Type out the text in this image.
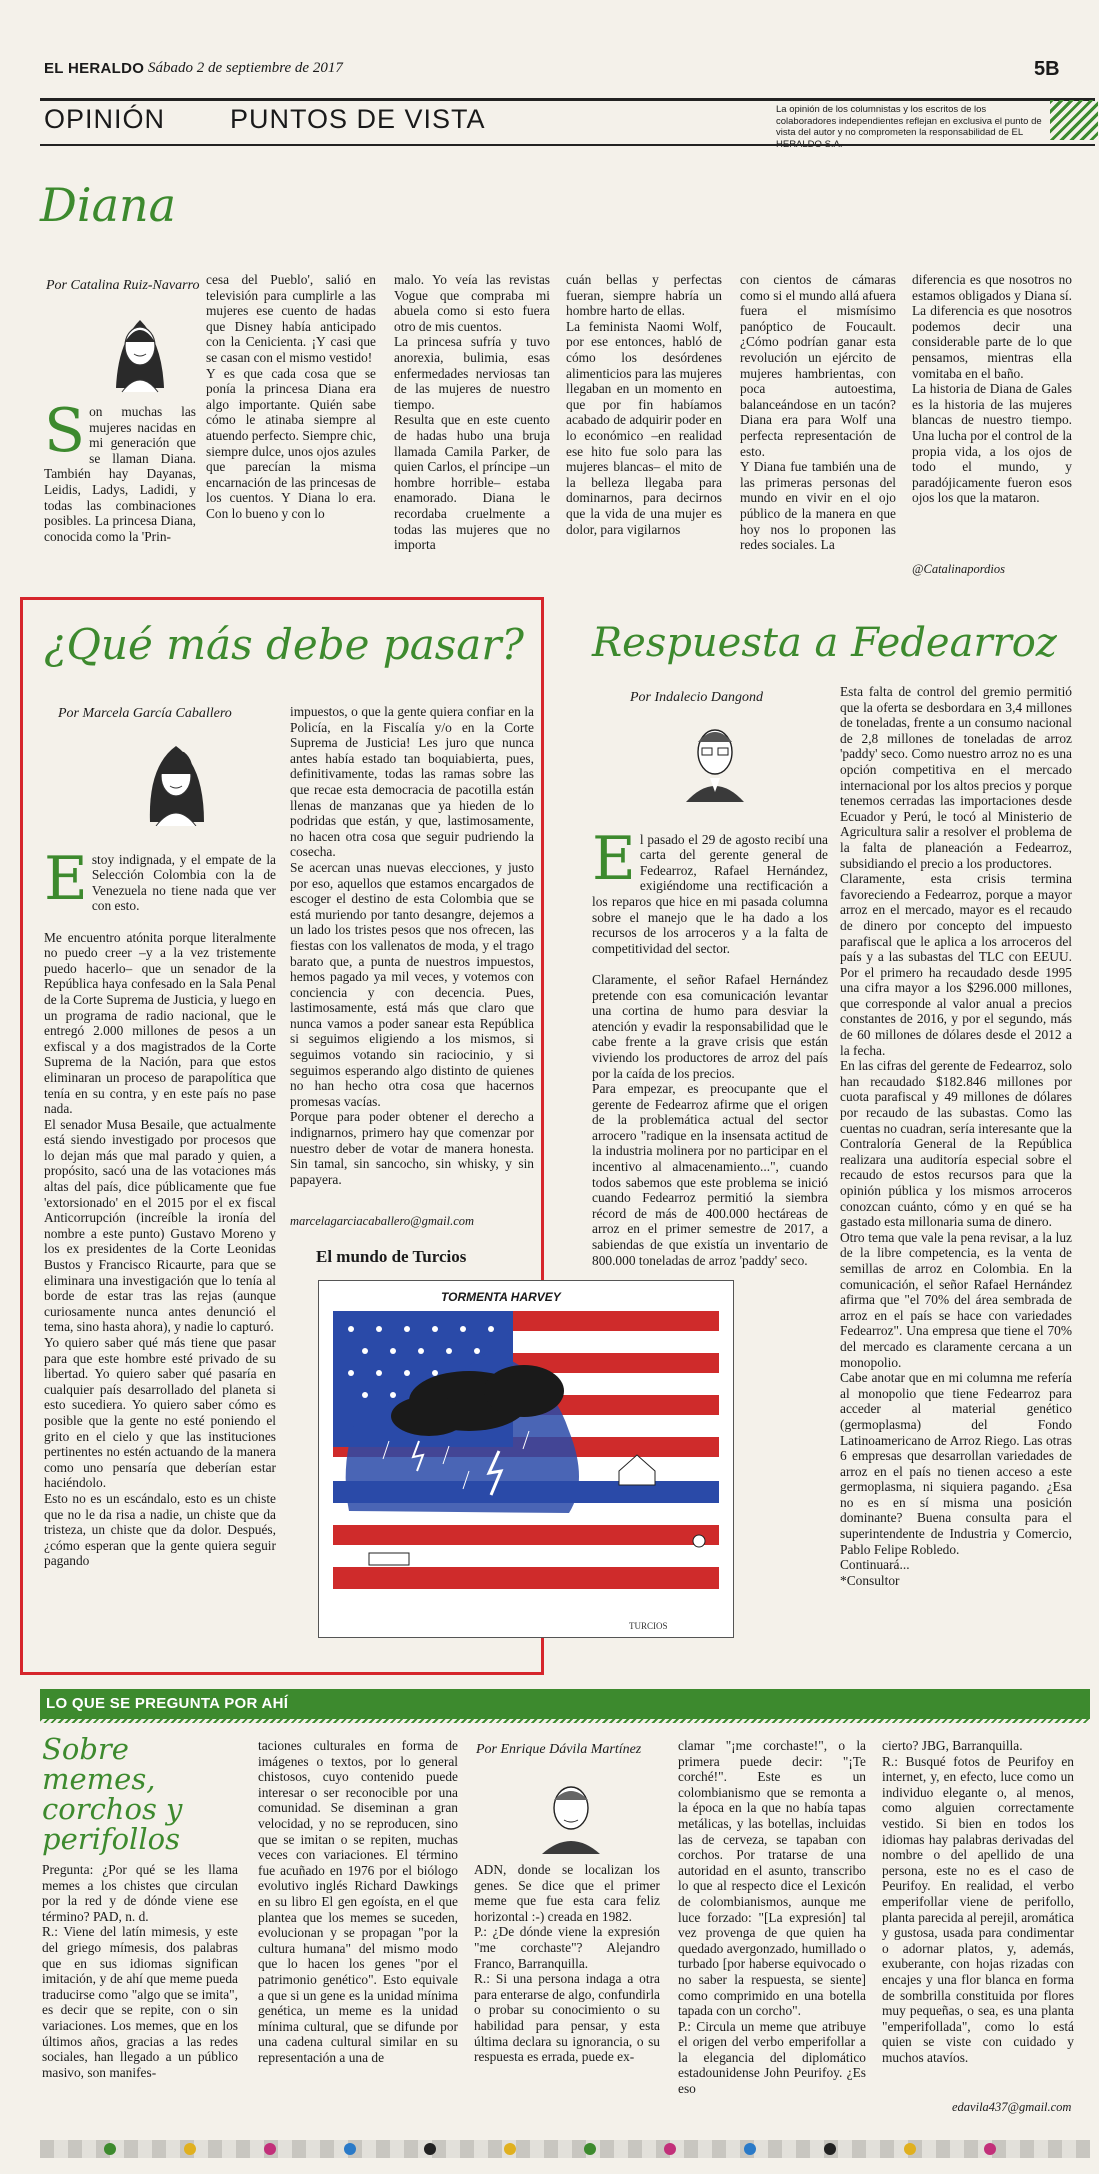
EL HERALDO Sábado 2 de septiembre de 2017	5B
OPINIÓN PUNTOS DE VISTA	La opinión de los columnistas y los escritos de los colaboradores independientes reflejan en exclusiva el punto de vista del autor y no comprometen la responsabilidad de EL
Diana
Por Catalina Ruiz-Navarro
S on muchas las mujeres nacidas en mi generación que se llaman Diana. También hay Dayanas, Leidis, Ladys, Ladidi, y todas las combinaciones posibles. La princesa Diana, conocida como la 'Prin-
cesa del Pueblo', salió en televisión para cumplirle a las mujeres ese cuento de hadas que Disney había anticipado con la Cenicienta. ¡Y casi que se casan con el mismo vestido!
Y es que cada cosa que se ponía la princesa Diana era algo importante. Quién sabe cómo le atinaba siempre al atuendo perfecto. Siempre chic, siempre dulce, unos ojos azules que parecían la misma encarnación de las princesas de los cuentos. Y Diana lo era. Con lo bueno y con lo
malo. Yo veía las revistas Vogue que compraba mi abuela como si esto fuera otro de mis cuentos.
La princesa sufría y tuvo anorexia, bulimia, esas enfermedades nerviosas tan de las mujeres de nuestro tiempo.
Resulta que en este cuento de hadas hubo una bruja llamada Camila Parker, de quien Carlos, el príncipe –un hombre horrible– estaba enamorado. Diana le recordaba cruelmente a todas las mujeres que no importa
cuán bellas y perfectas fueran, siempre habría un hombre harto de ellas.
La feminista Naomi Wolf, por ese entonces, habló de cómo los desórdenes alimenticios para las mujeres llegaban en un momento en que por fin habíamos acabado de adquirir poder en lo económico –en realidad ese hito fue solo para las mujeres blancas– el mito de la belleza llegaba para dominarnos, para decirnos que la vida de una mujer es dolor, para vigilarnos
con cientos de cámaras como si el mundo allá afuera fuera el mismísimo panóptico de Foucault. ¿Cómo podrían ganar esta revolución un ejército de mujeres hambrientas, con poca autoestima, balanceándose en un tacón? Diana era para Wolf una perfecta representación de esto.
Y Diana fue también una de las primeras personas del mundo en vivir en el ojo público de la manera en que hoy nos lo proponen las redes sociales. La
diferencia es que nosotros no estamos obligados y Diana sí. La diferencia es que nosotros podemos decir una considerable parte de lo que pensamos, mientras ella vomitaba en el baño.
La historia de Diana de Gales es la historia de las mujeres blancas de nuestro tiempo. Una lucha por el control de la propia vida, a los ojos de todo el mundo, y paradójicamente fueron esos ojos los que la mataron.
@Catalinapordios
¿Qué más debe pasar?
Por Marcela García Caballero

E stoy indignada, y el empate de la Selección Colombia con la de Venezuela no tiene nada que ver con esto.

Me encuentro atónita porque literalmente no puedo creer –y a la vez tristemente puedo hacerlo– que un senador de la República haya confesado en la Sala Penal de la Corte Suprema de Justicia, y luego en un programa de radio nacional, que le entregó 2.000 millones de pesos a un exfiscal y a dos magistrados de la Corte Suprema de la Nación, para que estos eliminaran un proceso de parapolítica que tenía en su contra, y en este país no pase nada.
El senador Musa Besaile, que actualmente está siendo investigado por procesos que lo dejan más que mal parado y quien, a propósito, sacó una de las votaciones más altas del país, dice públicamente que fue 'extorsionado' en el 2015 por el ex fiscal Anticorrupción (increíble la ironía del nombre a este punto) Gustavo Moreno y los ex presidentes de la Corte Leonidas Bustos y Francisco Ricaurte, para que se eliminara una investigación que lo tenía al borde de estar tras las rejas (aunque curiosamente nunca antes denunció el tema, sino hasta ahora), y nadie lo capturó.
Yo quiero saber qué más tiene que pasar para que este hombre esté privado de su libertad. Yo quiero saber qué pasaría en cualquier país desarrollado del planeta si esto sucediera. Yo quiero saber cómo es posible que la gente no esté poniendo el grito en el cielo y que las instituciones pertinentes no estén actuando de la manera como uno pensaría que deberían estar haciéndolo.
Esto no es un escándalo, esto es un chiste que no le da risa a nadie, un chiste que da tristeza, un chiste que da dolor. Después, ¿cómo esperan que la gente quiera seguir pagando

impuestos, o que la gente quiera confiar en la Policía, en la Fiscalía y/o en la Corte Suprema de Justicia! Les juro que nunca antes había estado tan boquiabierta, pues, definitivamente, todas las ramas sobre las que recae esta democracia de pacotilla están llenas de manzanas que ya hieden de lo podridas que están, y que, lastimosamente, no hacen otra cosa que seguir pudriendo la cosecha.
Se acercan unas nuevas elecciones, y justo por eso, aquellos que estamos encargados de escoger el destino de esta Colombia que se está muriendo por tanto desangre, dejemos a un lado los tristes pesos que nos ofrecen, las fiestas con los vallenatos de moda, y el trago barato que, a punta de nuestros impuestos, hemos pagado ya mil veces, y votemos con conciencia y con decencia. Pues, lastimosamente, está más que claro que nunca vamos a poder sanear esta República si seguimos eligiendo a los mismos, si seguimos votando sin raciocinio, y si seguimos esperando algo distinto de quienes no han hecho otra cosa que hacernos promesas vacías.
Porque para poder obtener el derecho a indignarnos, primero hay que comenzar por nuestro deber de votar de manera honesta. Sin tamal, sin sancocho, sin whisky, y sin papayera.
marcelagarciacaballero@gmail.com
El mundo de Turcios
TURCIOS
TORMENTA HARVEY
Respuesta a Fedearroz
Por Indalecio Dangond

E l pasado el 29 de agosto recibí una carta del gerente general de Fedearroz, Rafael Hernández, exigiéndome una rectificación a los reparos que hice en mi pasada columna sobre el manejo que le ha dado a los recursos de los arroceros y a la falta de competitividad del sector.

Claramente, el señor Rafael Hernández pretende con esa comunicación levantar una cortina de humo para desviar la atención y evadir la responsabilidad que le cabe frente a la grave crisis que están viviendo los productores de arroz del país por la caída de los precios.
Para empezar, es preocupante que el gerente de Fedearroz afirme que el origen de la problemática actual del sector arrocero "radique en la insensata actitud de la industria molinera por no participar en el incentivo al almacenamiento...", cuando todos sabemos que este problema se inició cuando Fedearroz permitió la siembra récord de más de 400.000 hectáreas de arroz en el primer semestre de 2017, a sabiendas de que existía un inventario de 800.000 toneladas de arroz 'paddy' seco.

Esta falta de control del gremio permitió que la oferta se desbordara en 3,4 millones de toneladas, frente a un consumo nacional de 2,8 millones de toneladas de arroz 'paddy' seco. Como nuestro arroz no es una opción competitiva en el mercado internacional por los altos precios y porque tenemos cerradas las importaciones desde Ecuador y Perú, le tocó al Ministerio de Agricultura salir a resolver el problema de la falta de planeación a Fedearroz, subsidiando el precio a los productores.
Claramente, esta crisis termina favoreciendo a Fedearroz, porque a mayor arroz en el mercado, mayor es el recaudo de dinero por concepto del impuesto parafiscal que le aplica a los arroceros del país y a las subastas del TLC con EEUU. Por el primero ha recaudado desde 1995 una cifra mayor a los $296.000 millones, que corresponde al valor anual a precios constantes de 2016, y por el segundo, más de 60 millones de dólares desde el 2012 a la fecha.
En las cifras del gerente de Fedearroz, solo han recaudado $182.846 millones por cuota parafiscal y 49 millones de dólares por recaudo de las subastas. Como las cuentas no cuadran, sería interesante que la Contraloría General de la República realizara una auditoría especial sobre el recaudo de estos recursos para que la opinión pública y los mismos arroceros conozcan cuánto, cómo y en qué se ha gastado esta millonaria suma de dinero.
Otro tema que vale la pena revisar, a la luz de la libre competencia, es la venta de semillas de arroz en Colombia. En la comunicación, el señor Rafael Hernández afirma que "el 70% del área sembrada de arroz en el país se hace con variedades Fedearroz". Una empresa que tiene el 70% del mercado es claramente cercana a un monopolio.
Cabe anotar que en mi columna me refería al monopolio que tiene Fedearroz para acceder al material genético (germoplasma) del Fondo Latinoamericano de Arroz Riego. Las otras 6 empresas que desarrollan variedades de arroz en el país no tienen acceso a este germoplasma, ni siquiera pagando. ¿Esa no es en sí misma una posición dominante? Buena consulta para el superintendente de Industria y Comercio, Pablo Felipe Robledo.
Continuará...
*Consultor
LO QUE SE PREGUNTA POR AHÍ
Sobre memes, corchos y perifollos
Pregunta: ¿Por qué se les llama memes a los chistes que circulan por la red y de dónde viene ese término? PAD, n. d.
R.: Viene del latín mimesis, y este del griego mímesis, dos palabras que en sus idiomas significan imitación, y de ahí que meme pueda traducirse como "algo que se imita", es decir que se repite, con o sin variaciones. Los memes, que en los últimos años, gracias a las redes sociales, han llegado a un público masivo, son manifes-
taciones culturales en forma de imágenes o textos, por lo general chistosos, cuyo contenido puede interesar o ser reconocible por una comunidad. Se diseminan a gran velocidad, y no se reproducen, sino que se imitan o se repiten, muchas veces con variaciones. El término fue acuñado en 1976 por el biólogo evolutivo inglés Richard Dawkings en su libro El gen egoísta, en el que plantea que los memes se suceden, evolucionan y se propagan "por la cultura humana" del mismo modo que lo hacen los genes "por el patrimonio genético". Esto equivale a que si un gene es la unidad mínima genética, un meme es la unidad mínima cultural, que se difunde por una cadena cultural similar en su representación a una de
Por Enrique Dávila Martínez
ADN, donde se localizan los genes. Se dice que el primer meme que fue esta cara feliz horizontal :-) creada en 1982.
P.: ¿De dónde viene la expresión "me corchaste"? Alejandro Franco, Barranquilla.
R.: Si una persona indaga a otra para enterarse de algo, confundirla o probar su conocimiento o su habilidad para pensar, y esta última declara su ignorancia, o su respuesta es errada, puede ex-
clamar "¡me corchaste!", o la primera puede decir: "¡Te corché!". Este es un colombianismo que se remonta a la época en la que no había tapas metálicas, y las botellas, incluidas las de cerveza, se tapaban con corchos. Por tratarse de una autoridad en el asunto, transcribo lo que al respecto dice el Lexicón de colombianismos, aunque me luce forzado: "[La expresión] tal vez provenga de que quien ha quedado avergonzado, humillado o turbado [por haberse equivocado o no saber la respuesta, se siente] como comprimido en una botella tapada con un corcho".
P.: Circula un meme que atribuye el origen del verbo emperifollar a la elegancia del diplomático estadounidense John Peurifoy. ¿Es eso
cierto? JBG, Barranquilla.
R.: Busqué fotos de Peurifoy en internet, y, en efecto, luce como un individuo elegante o, al menos, como alguien correctamente vestido. Si bien en todos los idiomas hay palabras derivadas del nombre o del apellido de una persona, este no es el caso de Peurifoy. En realidad, el verbo emperifollar viene de perifollo, planta parecida al perejil, aromática y gustosa, usada para condimentar o adornar platos, y, además, exuberante, con hojas rizadas con encajes y una flor blanca en forma de sombrilla constituida por flores muy pequeñas, o sea, es una planta "emperifollada", como lo está quien se viste con cuidado y muchos atavíos.
edavila437@gmail.com
